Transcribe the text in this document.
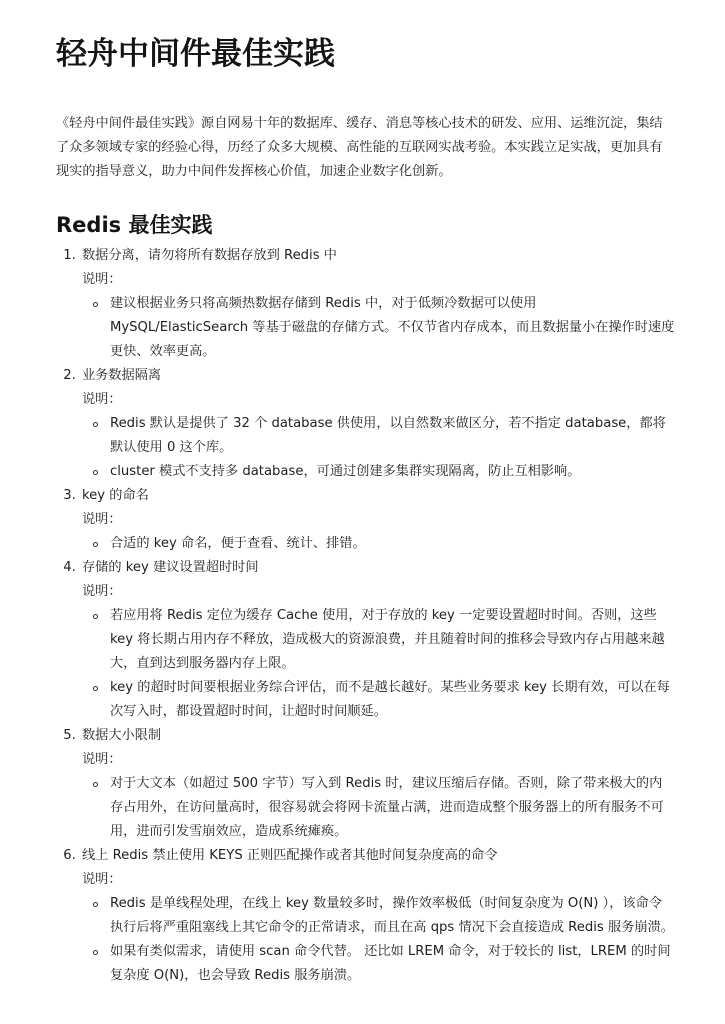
轻舟中间件最佳实践

《轻舟中间件最佳实践》源自网易十年的数据库、缓存、消息等核心技术的研发、应用、运维沉淀，集结了众多领域专家的经验心得，历经了众多大规模、高性能的互联网实战考验。本实践立足实战，更加具有现实的指导意义，助力中间件发挥核心价值，加速企业数字化创新。

Redis 最佳实践
1. 数据分离，请勿将所有数据存放到 Redis 中
说明：
建议根据业务只将高频热数据存储到 Redis 中，对于低频冷数据可以使用 MySQL/ElasticSearch 等基于磁盘的存储方式。不仅节省内存成本，而且数据量小在操作时速度更快、效率更高。
2. 业务数据隔离
说明：
Redis 默认是提供了 32 个 database 供使用，以自然数来做区分，若不指定 database，都将默认使用 0 这个库。
cluster 模式不支持多 database，可通过创建多集群实现隔离，防止互相影响。
3. key 的命名
说明：
合适的 key 命名，便于查看、统计、排错。
4. 存储的 key 建议设置超时时间
说明：
若应用将 Redis 定位为缓存 Cache 使用，对于存放的 key 一定要设置超时时间。否则，这些 key 将长期占用内存不释放，造成极大的资源浪费，并且随着时间的推移会导致内存占用越来越大，直到达到服务器内存上限。
key 的超时时间要根据业务综合评估，而不是越长越好。某些业务要求 key 长期有效，可以在每次写入时，都设置超时时间，让超时时间顺延。
5. 数据大小限制
说明：
对于大文本（如超过 500 字节）写入到 Redis 时，建议压缩后存储。否则，除了带来极大的内存占用外，在访问量高时，很容易就会将网卡流量占满，进而造成整个服务器上的所有服务不可用，进而引发雪崩效应，造成系统瘫痪。
6. 线上 Redis 禁止使用 KEYS 正则匹配操作或者其他时间复杂度高的命令
说明：
Redis 是单线程处理，在线上 key 数量较多时，操作效率极低（时间复杂度为 O(N) ），该命令执行后将严重阻塞线上其它命令的正常请求，而且在高 qps 情况下会直接造成 Redis 服务崩溃。
如果有类似需求，请使用 scan 命令代替。 还比如 LREM 命令，对于较长的 list，LREM 的时间复杂度 O(N)，也会导致 Redis 服务崩溃。
